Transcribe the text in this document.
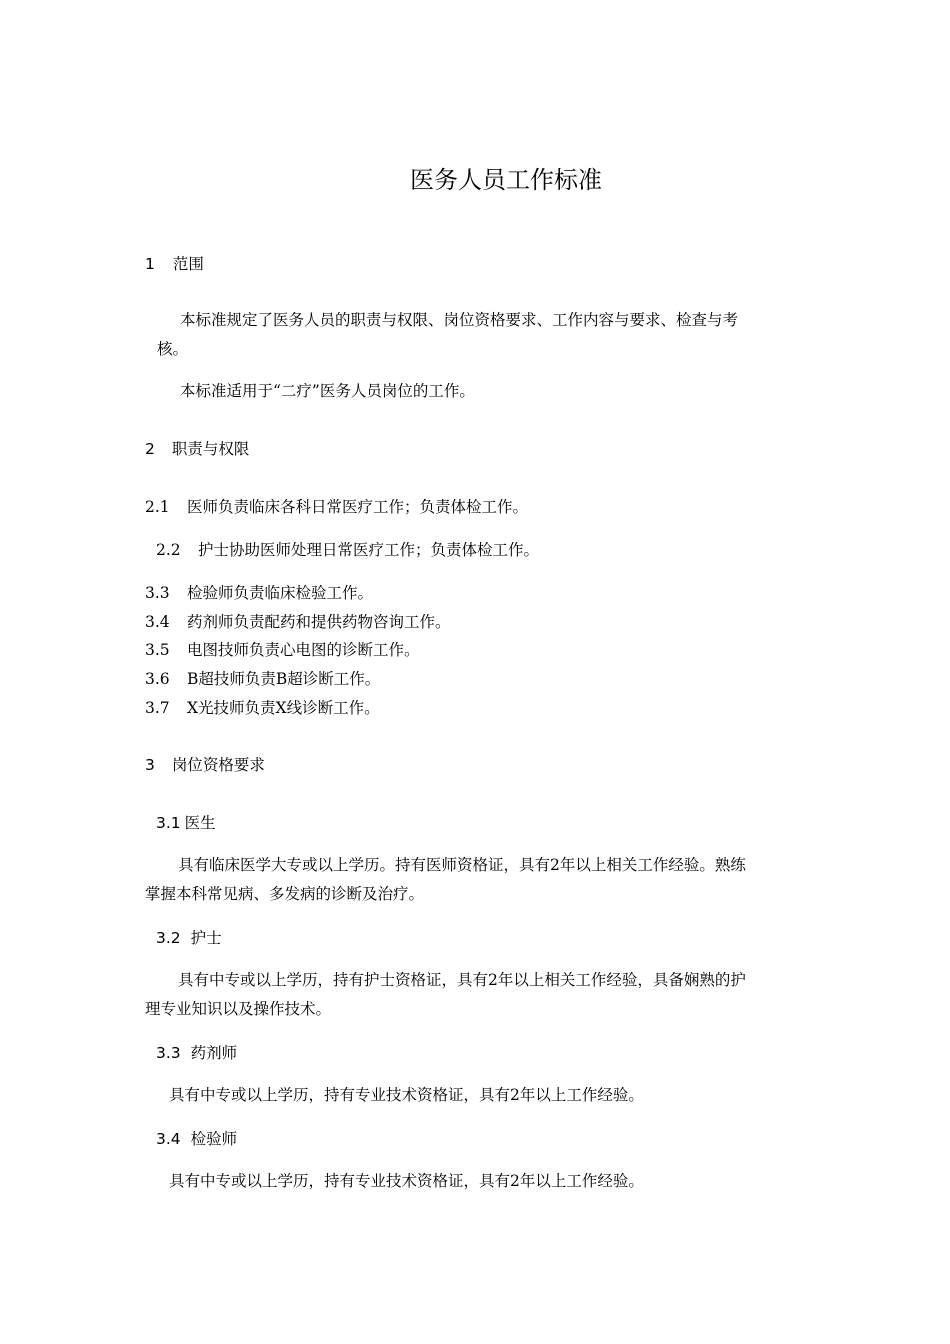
医务人员工作标准
1 范围
本标准规定了医务人员的职责与权限、岗位资格要求、工作内容与要求、检查与考
核。
本标准适用于“二疗”医务人员岗位的工作。
2 职责与权限
2.1 医师负责临床各科日常医疗工作；负责体检工作。
2.2 护士协助医师处理日常医疗工作；负责体检工作。
3.3 检验师负责临床检验工作。
3.4 药剂师负责配药和提供药物咨询工作。
3.5 电图技师负责心电图的诊断工作。
3.6 B超技师负责B超诊断工作。
3.7 X光技师负责X线诊断工作。
3 岗位资格要求
3.1 医生
具有临床医学大专或以上学历。持有医师资格证，具有2年以上相关工作经验。熟练
掌握本科常见病、多发病的诊断及治疗。
3.2 护士
具有中专或以上学历，持有护士资格证，具有2年以上相关工作经验，具备娴熟的护
理专业知识以及操作技术。
3.3 药剂师
具有中专或以上学历，持有专业技术资格证，具有2年以上工作经验。
3.4 检验师
具有中专或以上学历，持有专业技术资格证，具有2年以上工作经验。
